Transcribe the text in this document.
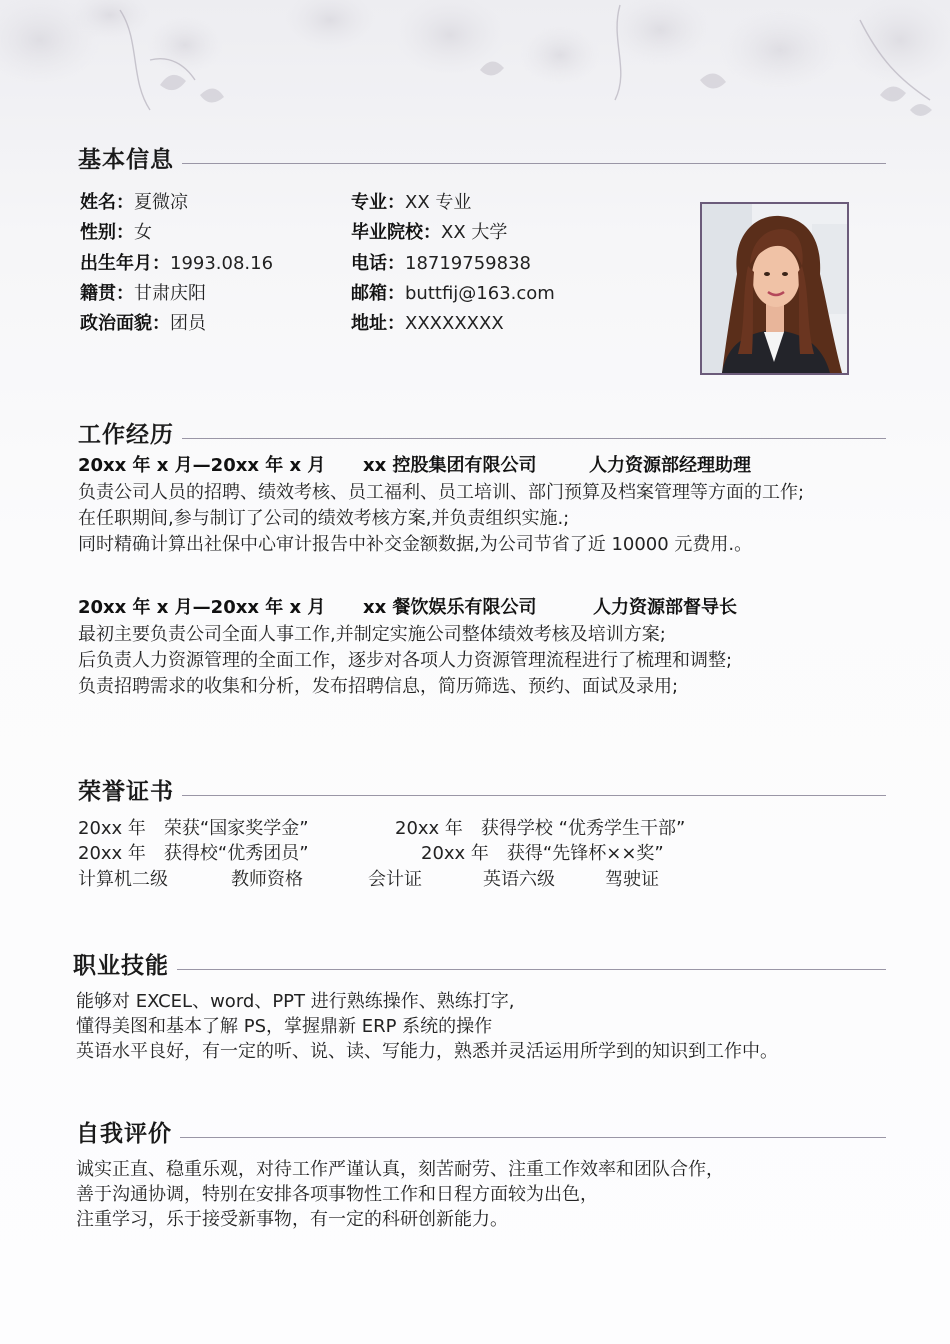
基本信息
姓名：夏微凉
性别：女
出生年月：1993.08.16
籍贯：甘肃庆阳
政治面貌：团员
专业：XX 专业
毕业院校：XX 大学
电话：18719759838
邮箱：buttfij@163.com
地址：XXXXXXXX
工作经历
20xx 年 x 月—20xx 年 x 月 xx 控股集团有限公司	人力资源部经理助理
负责公司人员的招聘、绩效考核、员工福利、员工培训、部门预算及档案管理等方面的工作;
在任职期间,参与制订了公司的绩效考核方案,并负责组织实施.;
同时精确计算出社保中心审计报告中补交金额数据,为公司节省了近 10000 元费用.。
20xx 年 x 月—20xx 年 x 月 xx 餐饮娱乐有限公司	人力资源部督导长
最初主要负责公司全面人事工作,并制定实施公司整体绩效考核及培训方案;
后负责人力资源管理的全面工作，逐步对各项人力资源管理流程进行了梳理和调整;
负责招聘需求的收集和分析，发布招聘信息，简历筛选、预约、面试及录用;
荣誉证书
20xx 年　荣获“国家奖学金”	20xx 年　获得学校 “优秀学生干部”
20xx 年　获得校“优秀团员”	20xx 年　获得“先锋杯××奖”
计算机二级	教师资格	会计证	英语六级	驾驶证
职业技能
能够对 EXCEL、word、PPT 进行熟练操作、熟练打字,
懂得美图和基本了解 PS，掌握鼎新 ERP 系统的操作
英语水平良好，有一定的听、说、读、写能力，熟悉并灵活运用所学到的知识到工作中。
自我评价
诚实正直、稳重乐观，对待工作严谨认真，刻苦耐劳、注重工作效率和团队合作，
善于沟通协调，特别在安排各项事物性工作和日程方面较为出色，
注重学习，乐于接受新事物，有一定的科研创新能力。
